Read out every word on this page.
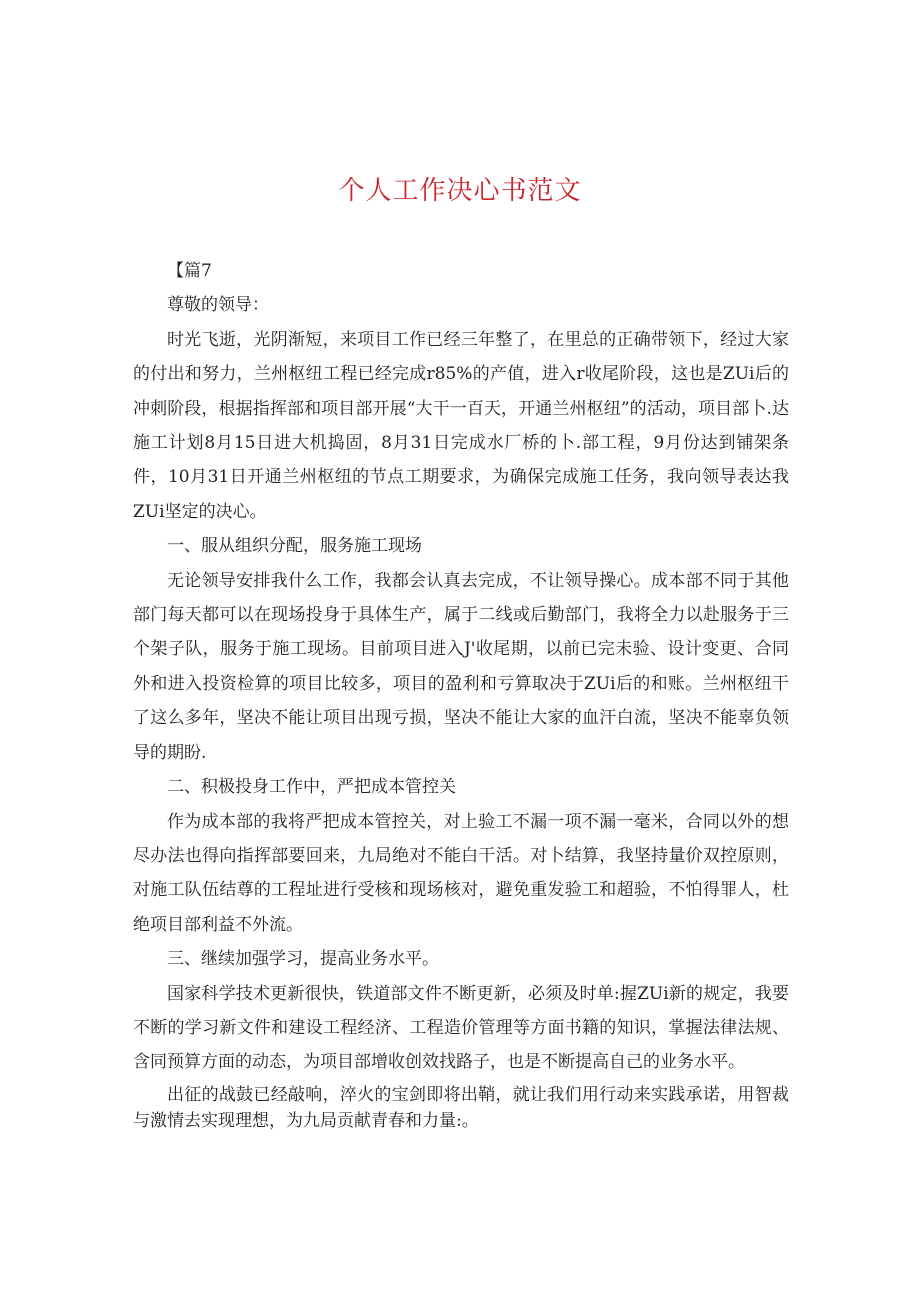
个人工作决心书范文

【篇7

尊敬的领导：

时光飞逝，光阴渐短，来项目工作已经三年整了，在里总的正确带领下，经过大家的付出和努力，兰州枢纽工程已经完成r85%的产值，进入r收尾阶段，这也是ZUi后的冲刺阶段，根据指挥部和项目部开展“大干一百天，开通兰州枢纽”的活动，项目部卜.达施工计划8月15日进大机捣固，8月31日完成水厂桥的卜.部工程，9月份达到铺架条件，10月31日开通兰州枢纽的节点工期要求，为确保完成施工任务，我向领导表达我ZUi坚定的决心。

一、服从组织分配，服务施工现场

无论领导安排我什么工作，我都会认真去完成，不让领导操心。成本部不同于其他部门每天都可以在现场投身于具体生产，属于二线或后勤部门，我将全力以赴服务于三个架子队，服务于施工现场。目前项目进入J'收尾期，以前已完未验、设计变更、合同外和进入投资检算的项目比较多，项目的盈利和亏算取决于ZUi后的和账。兰州枢纽干了这么多年，坚决不能让项目出现亏损，坚决不能让大家的血汗白流，坚决不能辜负领导的期盼.

二、积极投身工作中，严把成本管控关

作为成本部的我将严把成本管控关，对上验工不漏一项不漏一毫米，合同以外的想尽办法也得向指挥部要回来，九局绝对不能白干活。对卜结算，我坚持量价双控原则，对施工队伍结尊的工程址进行受核和现场核对，避免重发验工和超验，不怕得罪人，杜绝项目部利益不外流。

三、继续加强学习，提高业务水平。

国家科学技术更新很快，铁道部文件不断更新，必须及时单:握ZUi新的规定，我要不断的学习新文件和建设工程经济、工程造价管理等方面书籍的知识，掌握法律法规、含同预算方面的动态，为项目部增收创效找路子，也是不断提高自己的业务水平。

出征的战鼓已经敲响，淬火的宝剑即将出鞘，就让我们用行动来实践承诺，用智裁与激情去实现理想，为九局贡献青春和力量:。
